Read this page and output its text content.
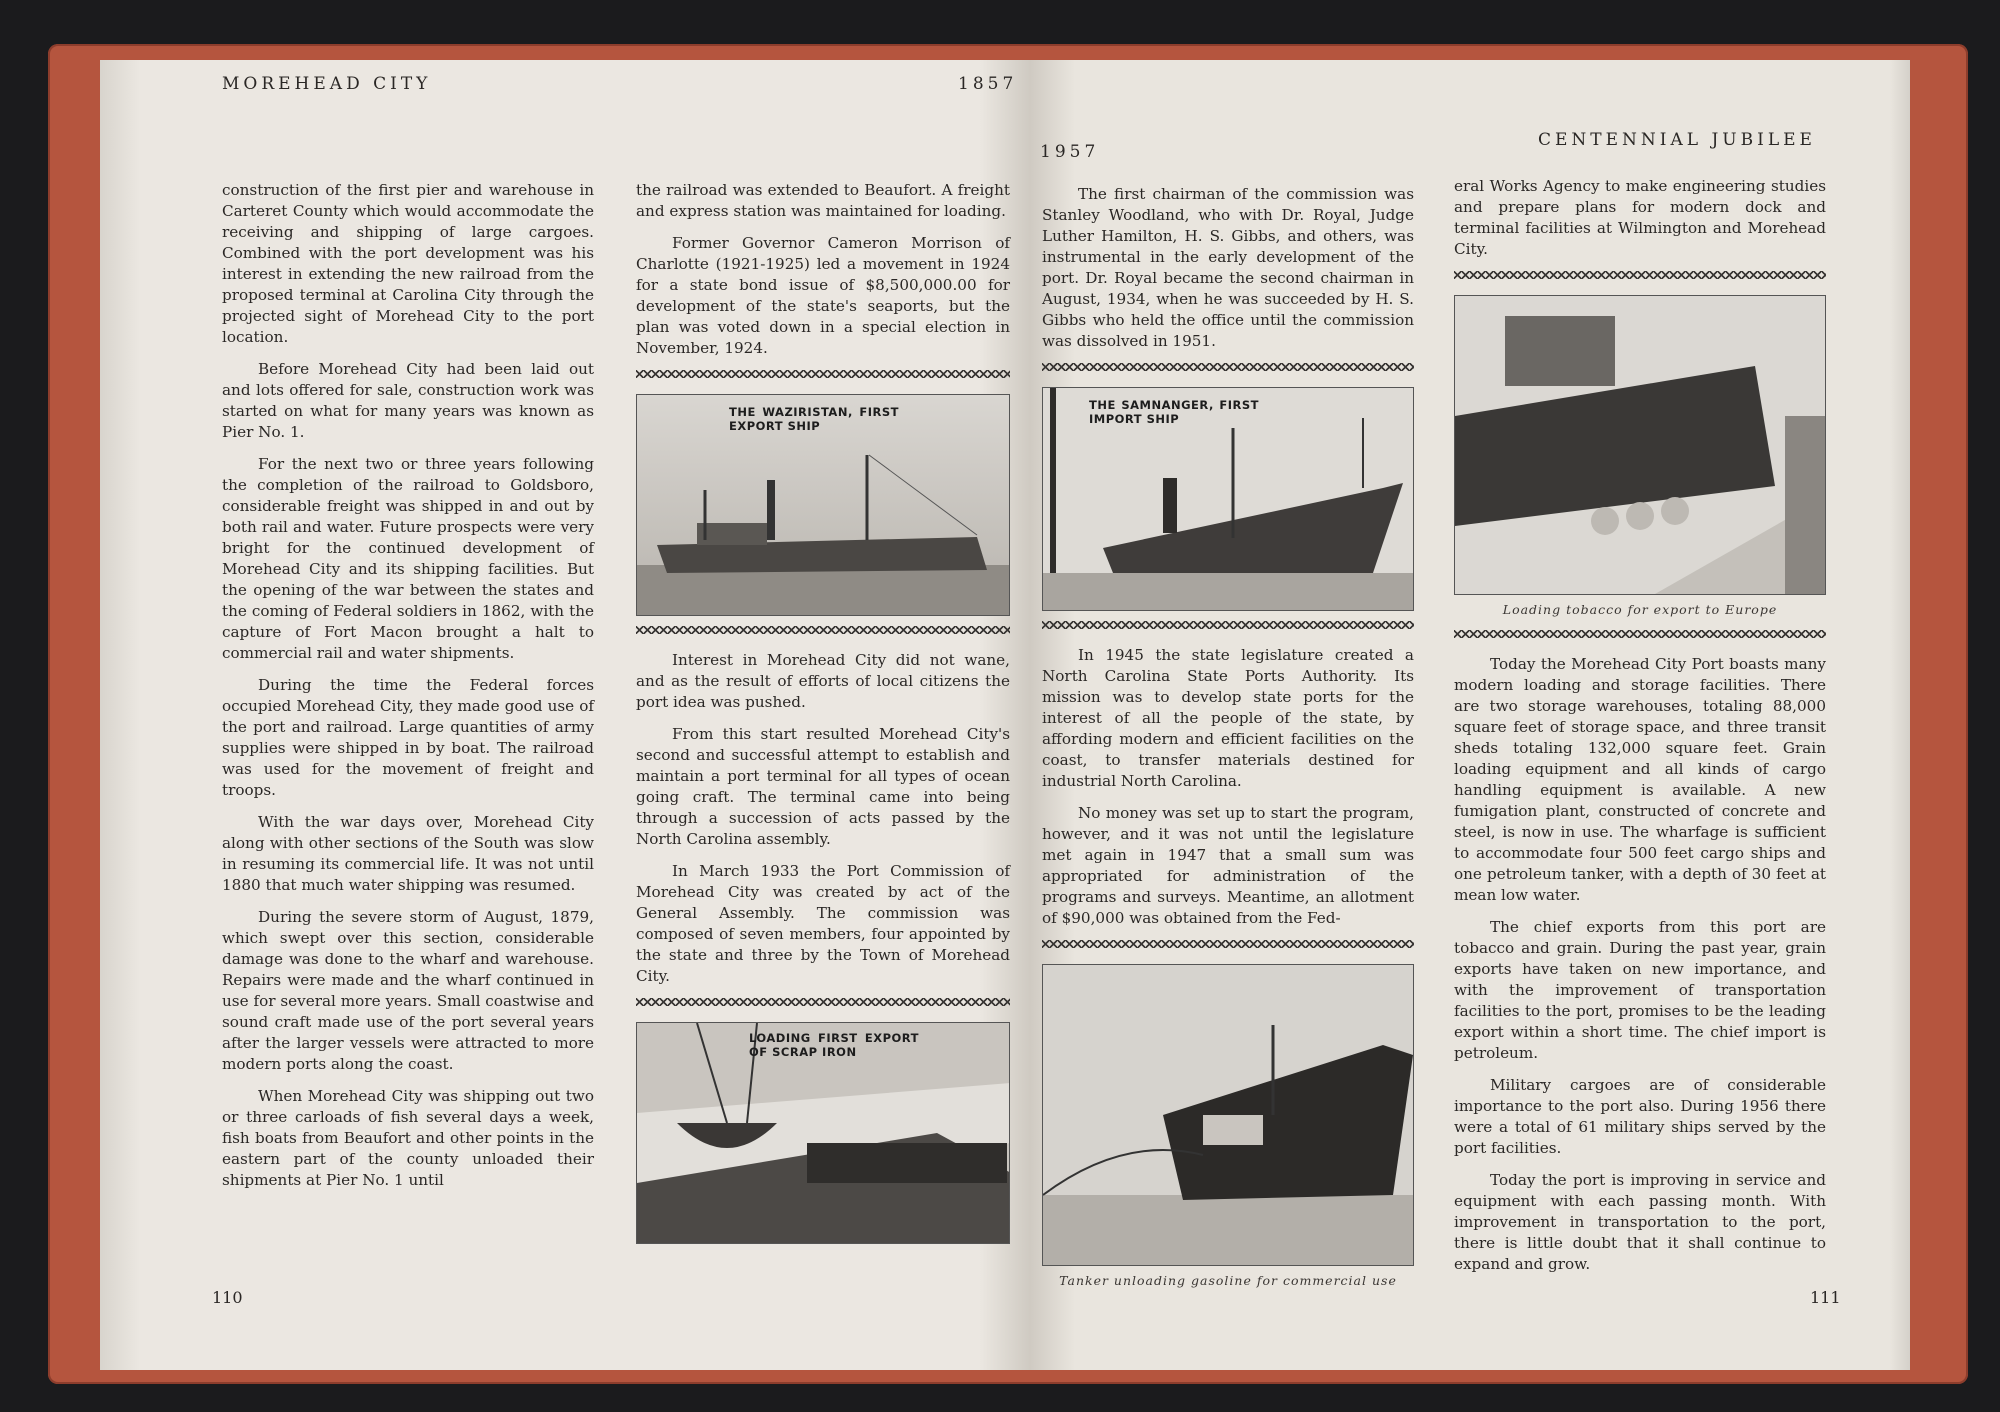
MOREHEAD CITY	1857

construction of the first pier and warehouse in Carteret County which would accommodate the receiving and shipping of large cargoes. Combined with the port development was his interest in extending the new railroad from the proposed terminal at Carolina City through the projected sight of Morehead City to the port location.

Before Morehead City had been laid out and lots offered for sale, construction work was started on what for many years was known as Pier No. 1.

For the next two or three years following the completion of the railroad to Goldsboro, considerable freight was shipped in and out by both rail and water. Future prospects were very bright for the continued development of Morehead City and its shipping facilities. But the opening of the war between the states and the coming of Federal soldiers in 1862, with the capture of Fort Macon brought a halt to commercial rail and water shipments.

During the time the Federal forces occupied Morehead City, they made good use of the port and railroad. Large quantities of army supplies were shipped in by boat. The railroad was used for the movement of freight and troops.

With the war days over, Morehead City along with other sections of the South was slow in resuming its commercial life. It was not until 1880 that much water shipping was resumed.

During the severe storm of August, 1879, which swept over this section, considerable damage was done to the wharf and warehouse. Repairs were made and the wharf continued in use for several more years. Small coastwise and sound craft made use of the port several years after the larger vessels were attracted to more modern ports along the coast.

When Morehead City was shipping out two or three carloads of fish several days a week, fish boats from Beaufort and other points in the eastern part of the county unloaded their shipments at Pier No. 1 until

the railroad was extended to Beaufort. A freight and express station was maintained for loading.

Former Governor Cameron Morrison of Charlotte (1921-1925) led a movement in 1924 for a state bond issue of $8,500,000.00 for development of the state's seaports, but the plan was voted down in a special election in November, 1924.

THE WAZIRISTAN, FIRST EXPORT SHIP

Interest in Morehead City did not wane, and as the result of efforts of local citizens the port idea was pushed.

From this start resulted Morehead City's second and successful attempt to establish and maintain a port terminal for all types of ocean going craft. The terminal came into being through a succession of acts passed by the North Carolina assembly.

In March 1933 the Port Commission of Morehead City was created by act of the General Assembly. The commission was composed of seven members, four appointed by the state and three by the Town of Morehead City.

LOADING FIRST EXPORT OF SCRAP IRON
110
1957
CENTENNIAL JUBILEE

The first chairman of the commission was Stanley Woodland, who with Dr. Royal, Judge Luther Hamilton, H. S. Gibbs, and others, was instrumental in the early development of the port. Dr. Royal became the second chairman in August, 1934, when he was succeeded by H. S. Gibbs who held the office until the commission was dissolved in 1951.

THE SAMNANGER, FIRST IMPORT SHIP

In 1945 the state legislature created a North Carolina State Ports Authority. Its mission was to develop state ports for the interest of all the people of the state, by affording modern and efficient facilities on the coast, to transfer materials destined for industrial North Carolina.

No money was set up to start the program, however, and it was not until the legislature met again in 1947 that a small sum was appropriated for administration of the programs and surveys. Meantime, an allotment of $90,000 was obtained from the Fed-

Tanker unloading gasoline for commercial use

eral Works Agency to make engineering studies and prepare plans for modern dock and terminal facilities at Wilmington and Morehead City.

Loading tobacco for export to Europe

Today the Morehead City Port boasts many modern loading and storage facilities. There are two storage warehouses, totaling 88,000 square feet of storage space, and three transit sheds totaling 132,000 square feet. Grain loading equipment and all kinds of cargo handling equipment is available. A new fumigation plant, constructed of concrete and steel, is now in use. The wharfage is sufficient to accommodate four 500 feet cargo ships and one petroleum tanker, with a depth of 30 feet at mean low water.

The chief exports from this port are tobacco and grain. During the past year, grain exports have taken on new importance, and with the improvement of transportation facilities to the port, promises to be the leading export within a short time. The chief import is petroleum.

Military cargoes are of considerable importance to the port also. During 1956 there were a total of 61 military ships served by the port facilities.

Today the port is improving in service and equipment with each passing month. With improvement in transportation to the port, there is little doubt that it shall continue to expand and grow.

111
